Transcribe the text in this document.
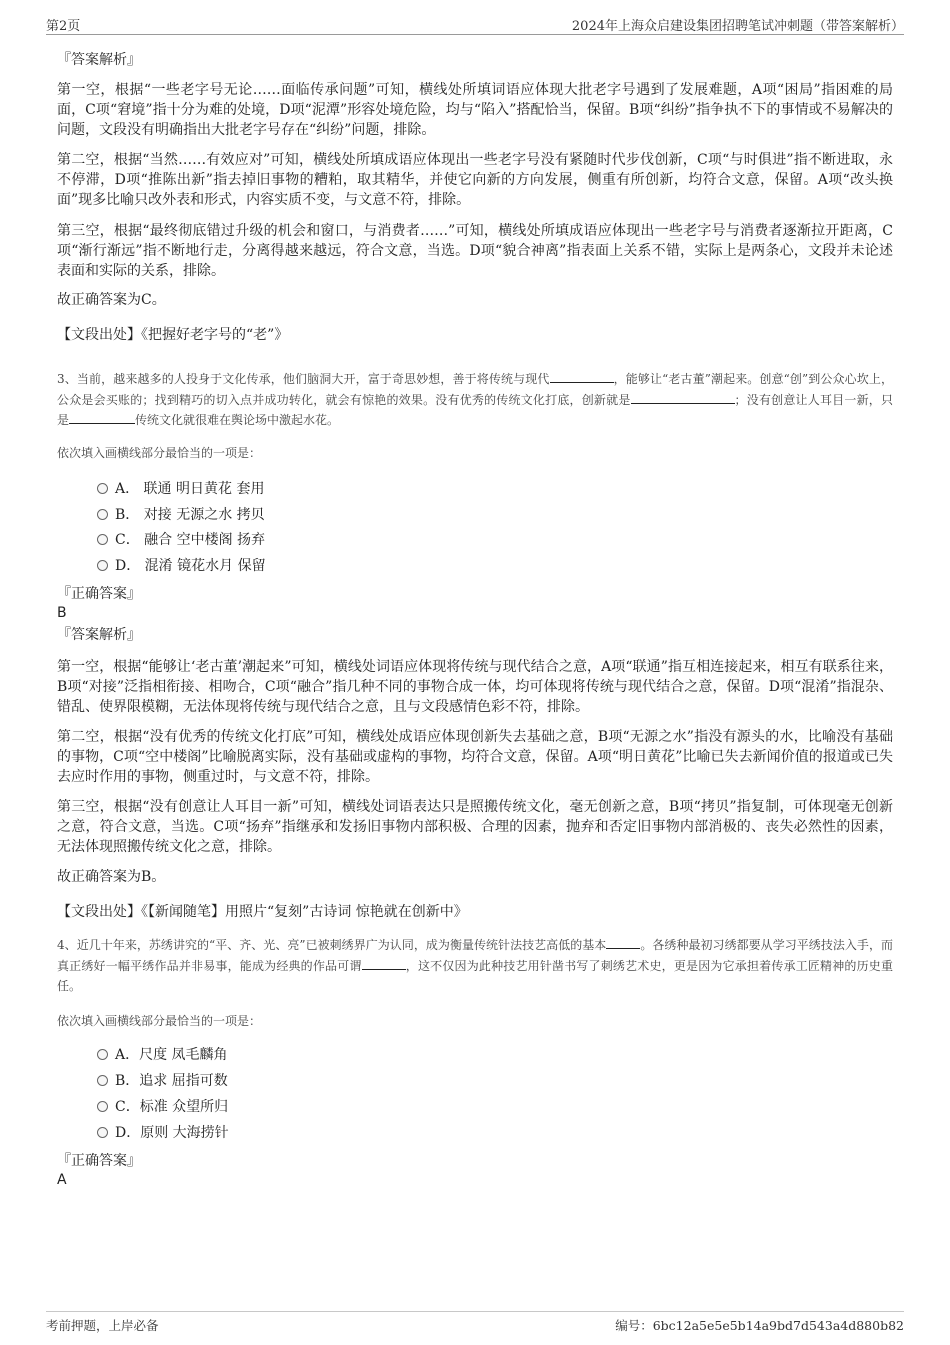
第2页	2024年上海众启建设集团招聘笔试冲刺题（带答案解析）
『答案解析』
第一空，根据“一些老字号无论……面临传承问题”可知，横线处所填词语应体现大批老字号遇到了发展难题，A项“困局”指困难的局面，C项“窘境”指十分为难的处境，D项“泥潭”形容处境危险，均与“陷入”搭配恰当，保留。B项“纠纷”指争执不下的事情或不易解决的问题，文段没有明确指出大批老字号存在“纠纷”问题，排除。
第二空，根据“当然……有效应对”可知，横线处所填成语应体现出一些老字号没有紧随时代步伐创新，C项“与时俱进”指不断进取，永不停滞，D项“推陈出新”指去掉旧事物的糟粕，取其精华，并使它向新的方向发展，侧重有所创新，均符合文意，保留。A项“改头换面”现多比喻只改外表和形式，内容实质不变，与文意不符，排除。
第三空，根据“最终彻底错过升级的机会和窗口，与消费者……”可知，横线处所填成语应体现出一些老字号与消费者逐渐拉开距离，C项“渐行渐远”指不断地行走，分离得越来越远，符合文意，当选。D项“貌合神离”指表面上关系不错，实际上是两条心，文段并未论述表面和实际的关系，排除。
故正确答案为C。
【文段出处】《把握好老字号的“老”》
3、当前，越来越多的人投身于文化传承，他们脑洞大开，富于奇思妙想，善于将传统与现代	，能够让“老古董”潮起来。创意“创”到公众心坎上，公众是会买账的；找到精巧的切入点并成功转化，就会有惊艳的效果。没有优秀的传统文化打底，创新就是	；没有创意让人耳目一新，只是	传统文化就很难在舆论场中激起水花。
依次填入画横线部分最恰当的一项是：
A． 联通 明日黄花 套用
B． 对接 无源之水 拷贝
C． 融合 空中楼阁 扬弃
D． 混淆 镜花水月 保留
『正确答案』
B
『答案解析』
第一空，根据“能够让‘老古董’潮起来”可知，横线处词语应体现将传统与现代结合之意，A项“联通”指互相连接起来，相互有联系往来，B项“对接”泛指相衔接、相吻合，C项“融合”指几种不同的事物合成一体，均可体现将传统与现代结合之意，保留。D项“混淆”指混杂、错乱、使界限模糊，无法体现将传统与现代结合之意，且与文段感情色彩不符，排除。
第二空，根据“没有优秀的传统文化打底”可知，横线处成语应体现创新失去基础之意，B项“无源之水”指没有源头的水，比喻没有基础的事物，C项“空中楼阁”比喻脱离实际，没有基础或虚构的事物，均符合文意，保留。A项“明日黄花”比喻已失去新闻价值的报道或已失去应时作用的事物，侧重过时，与文意不符，排除。
第三空，根据“没有创意让人耳目一新”可知，横线处词语表达只是照搬传统文化，毫无创新之意，B项“拷贝”指复制，可体现毫无创新之意，符合文意，当选。C项“扬弃”指继承和发扬旧事物内部积极、合理的因素，抛弃和否定旧事物内部消极的、丧失必然性的因素，无法体现照搬传统文化之意，排除。
故正确答案为B。
【文段出处】《【新闻随笔】用照片“复刻”古诗词 惊艳就在创新中》
4、近几十年来，苏绣讲究的“平、齐、光、亮”已被刺绣界广为认同，成为衡量传统针法技艺高低的基本	。各绣种最初习绣都要从学习平绣技法入手，而真正绣好一幅平绣作品并非易事，能成为经典的作品可谓	，这不仅因为此种技艺用针凿书写了刺绣艺术史，更是因为它承担着传承工匠精神的历史重任。
依次填入画横线部分最恰当的一项是：
A．尺度 凤毛麟角
B．追求 屈指可数
C．标准 众望所归
D．原则 大海捞针
『正确答案』
A
考前押题，上岸必备	编号：6bc12a5e5e5b14a9bd7d543a4d880b82
